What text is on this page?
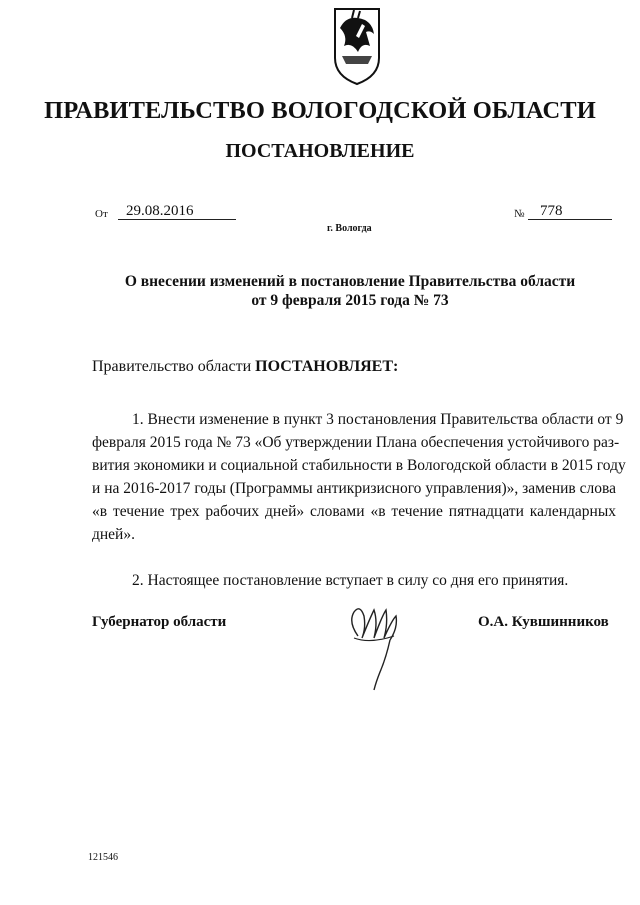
ПРАВИТЕЛЬСТВО ВОЛОГОДСКОЙ ОБЛАСТИ
ПОСТАНОВЛЕНИЕ
От	29.08.2016	№	778
г. Вологда
О внесении изменений в постановление Правительства области
от 9 февраля 2015 года № 73
Правительство области ПОСТАНОВЛЯЕТ:
1. Внести изменение в пункт 3 постановления Правительства области от 9
февраля 2015 года № 73 «Об утверждении Плана обеспечения устойчивого раз-
вития экономики и социальной стабильности в Вологодской области в 2015 году
и на 2016-2017 годы (Программы антикризисного управления)», заменив слова
«в течение трех рабочих дней» словами «в течение пятнадцати календарных
дней».
2. Настоящее постановление вступает в силу со дня его принятия.
Губернатор области	О.А. Кувшинников
121546
